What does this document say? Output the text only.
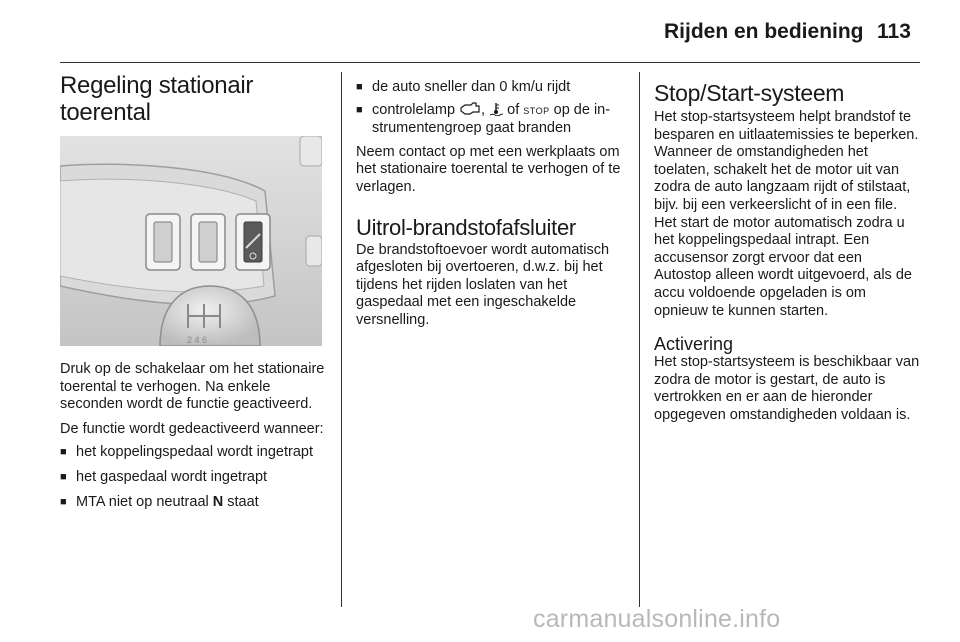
Rijden en bediening 113
Regeling stationair toerental
2 4 6

Druk op de schakelaar om het stationaire toerental te verhogen. Na enkele seconden wordt de functie geactiveerd.

De functie wordt gedeactiveerd wanneer:

■ het koppelingspedaal wordt ingetrapt
■ het gaspedaal wordt ingetrapt
■ MTA niet op neutraal N staat
■ de auto sneller dan 0 km/u rijdt
■ controlelamp ,  of STOP op de instrumentengroep gaat branden

Neem contact op met een werkplaats om het stationaire toerental te verhogen of te verlagen.

Uitrol-brandstofafsluiter

De brandstoftoevoer wordt automatisch afgesloten bij overtoeren, d.w.z. bij het tijdens het rijden loslaten van het gaspedaal met een ingeschakelde versnelling.

Stop/Start-systeem

Het stop-startsysteem helpt brandstof te besparen en uitlaatemissies te beperken. Wanneer de omstandigheden het toelaten, schakelt het de motor uit van zodra de auto langzaam rijdt of stilstaat, bijv. bij een verkeerslicht of in een file. Het start de motor automatisch zodra u het koppelingspedaal intrapt. Een accusensor zorgt ervoor dat een Autostop alleen wordt uitgevoerd, als de accu voldoende opgeladen is om opnieuw te kunnen starten.

Activering

Het stop-startsysteem is beschikbaar van zodra de motor is gestart, de auto is vertrokken en er aan de hieronder opgegeven omstandigheden voldaan is.

carmanualsonline.info
